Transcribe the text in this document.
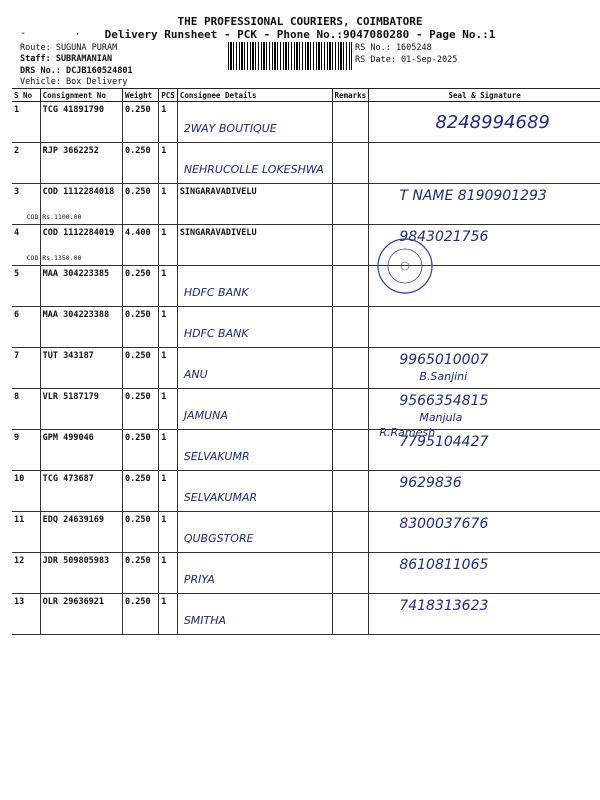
THE PROFESSIONAL COURIERS, COIMBATORE
Delivery Runsheet - PCK - Phone No.:9047080280 - Page No.:1
-	·
Route: SUGUNA PURAM
Staff: SUBRAMANIAN
DRS No.: DCJB160524801
Vehicle: Box Delivery
RS No.: 1605248
RS Date: 01-Sep-2025
S No	Consignment No	Weight	PCS	Consignee Details	Remarks	Seal & Signature
1	TCG 41891790	0.250	1	2WAY BOUTIQUE		8248994689

2	RJP 3662252	0.250	1	NEHRUCOLLE LOKESHWA		

3	COD 1112284018
COD Rs.1100.00	0.250	1	SINGARAVADIVELU		T NAME 8190901293

4	COD 1112284019
COD Rs.1350.00	4.400	1	SINGARAVADIVELU		9843021756

5	MAA 304223385	0.250	1	HDFC BANK		

6	MAA 304223388	0.250	1	HDFC BANK		

7	TUT 343187	0.250	1	ANU		9965010007
B.Sanjini

8	VLR 5187179	0.250	1	JAMUNA		9566354815
Manjula

9	GPM 499046	0.250	1	SELVAKUMR		7795104427
R.Ramesh

10	TCG 473687	0.250	1	SELVAKUMAR		9629836

11	EDQ 24639169	0.250	1	QUBGSTORE		8300037676

12	JDR 509805983	0.250	1	PRIYA		8610811065

13	OLR 29636921	0.250	1	SMITHA		7418313623
